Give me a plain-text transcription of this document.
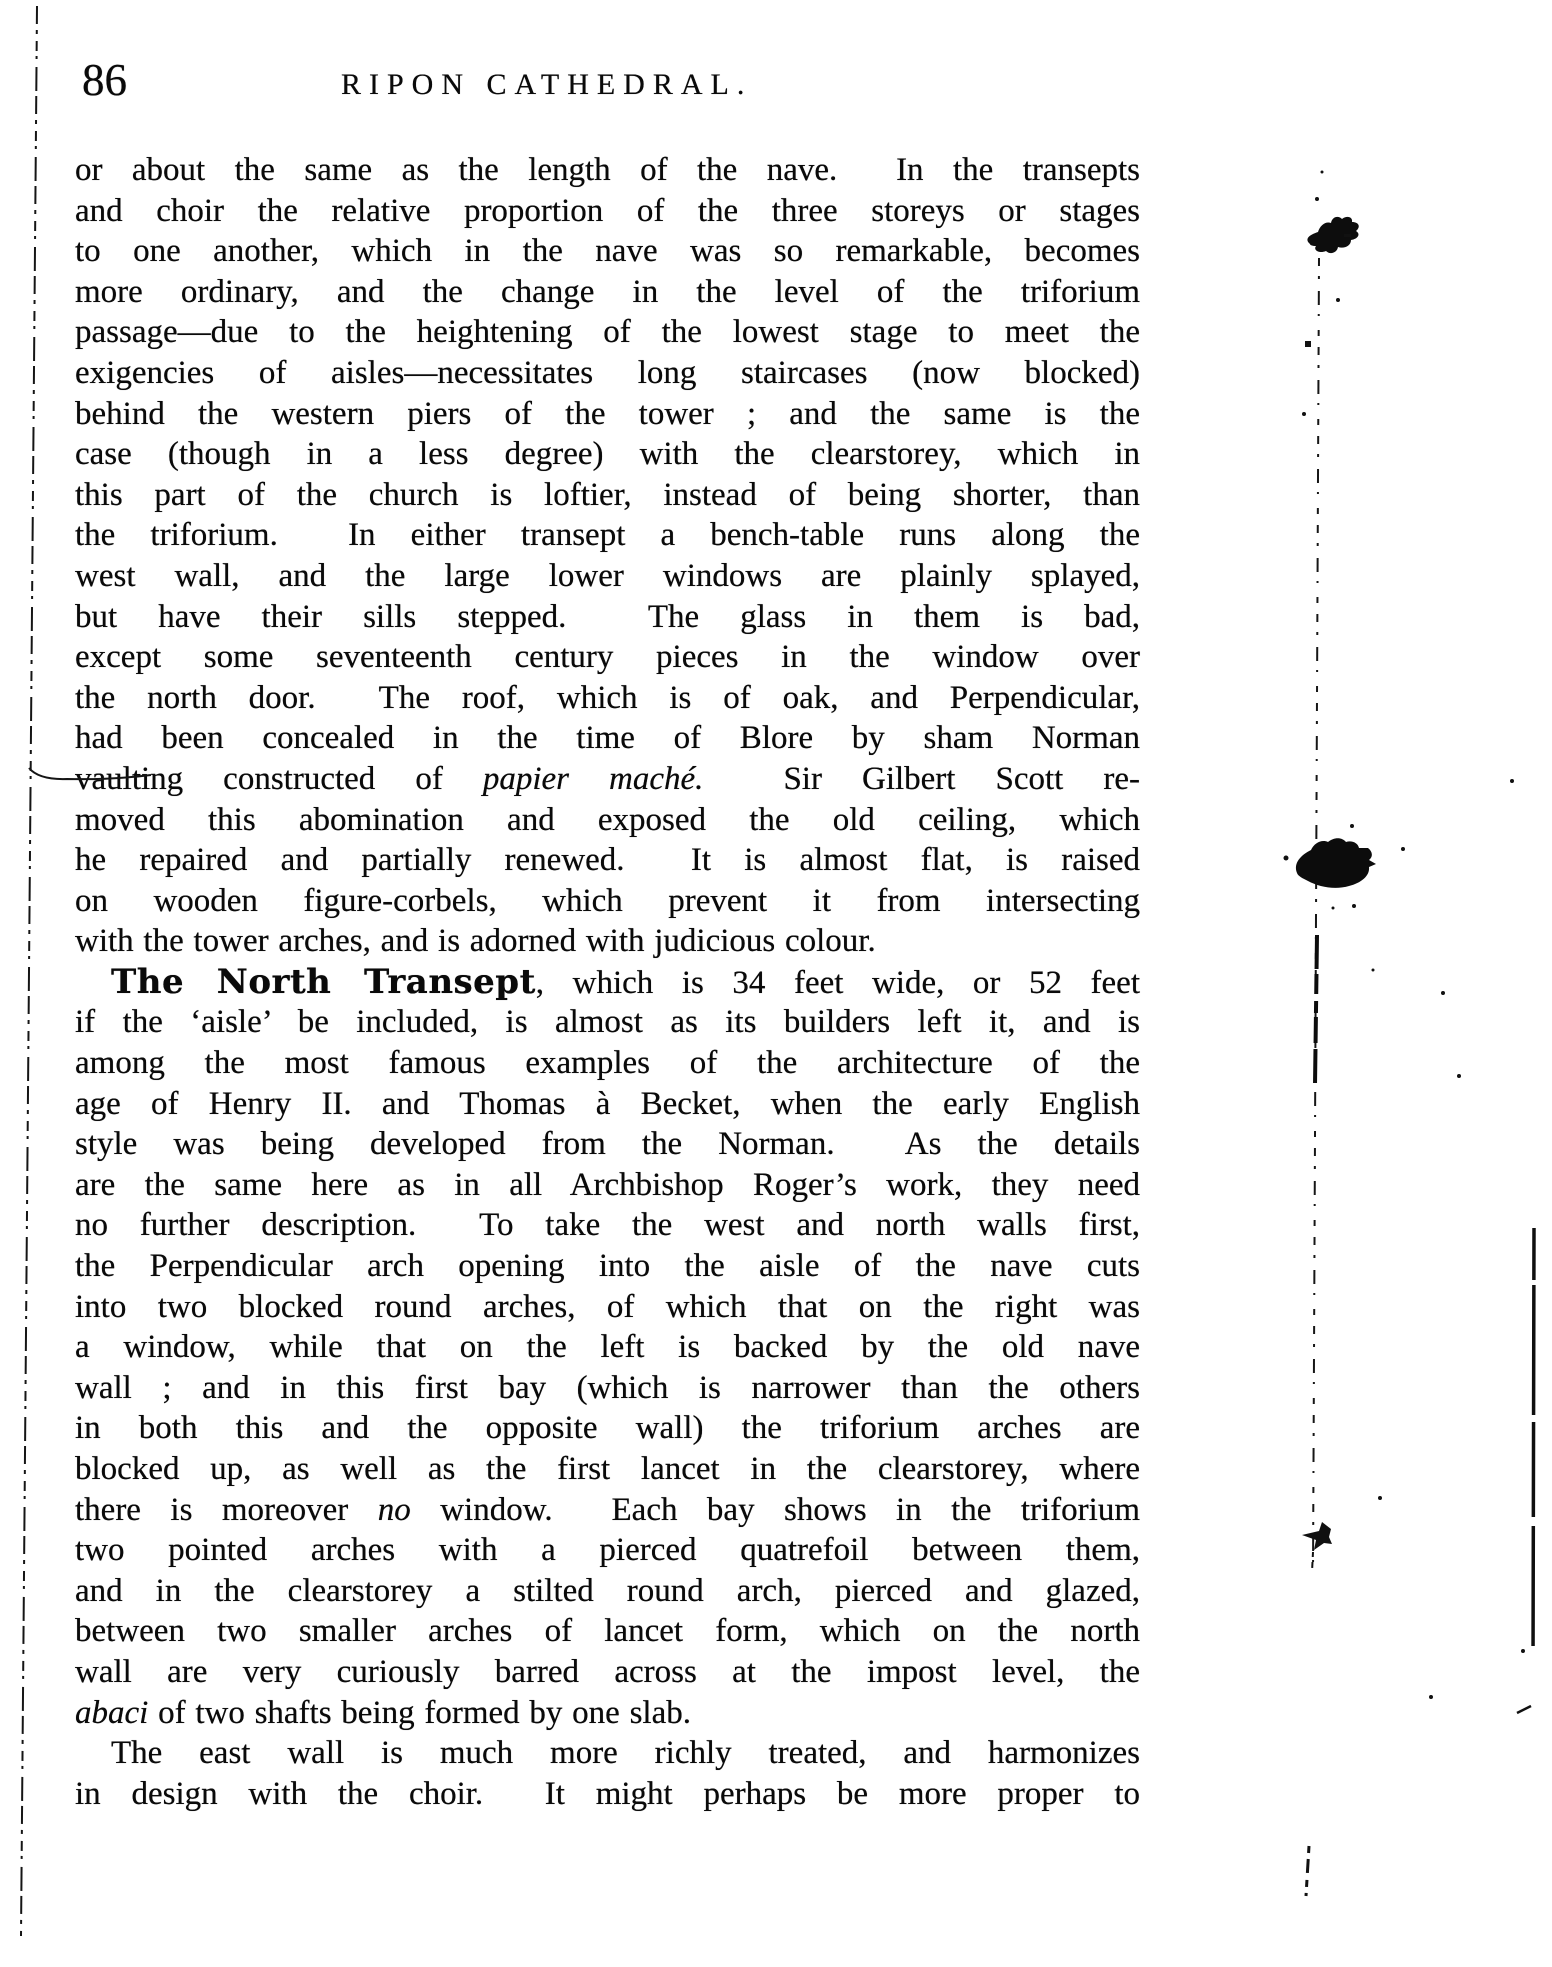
86	RIPON CATHEDRAL.
or about the same as the length of the nave.  In the transepts
and choir the relative proportion of the three storeys or stages
to one another, which in the nave was so remarkable, becomes
more ordinary, and the change in the level of the triforium
passage—due to the heightening of the lowest stage to meet the
exigencies of aisles—necessitates long staircases (now blocked)
behind the western piers of the tower ; and the same is the
case (though in a less degree) with the clearstorey, which in
this part of the church is loftier, instead of being shorter, than
the triforium.  In either transept a bench-table runs along the
west wall, and the large lower windows are plainly splayed,
but have their sills stepped.  The glass in them is bad,
except some seventeenth century pieces in the window over
the north door.  The roof, which is of oak, and Perpendicular,
had been concealed in the time of Blore by sham Norman
vaulting constructed of papier maché.  Sir Gilbert Scott re-
moved this abomination and exposed the old ceiling, which
he repaired and partially renewed.  It is almost flat, is raised
on wooden figure-corbels, which prevent it from intersecting
with the tower arches, and is adorned with judicious colour.
The North Transept, which is 34 feet wide, or 52 feet
if the ‘aisle’ be included, is almost as its builders left it, and is
among the most famous examples of the architecture of the
age of Henry II. and Thomas à Becket, when the early English
style was being developed from the Norman.  As the details
are the same here as in all Archbishop Roger’s work, they need
no further description.  To take the west and north walls first,
the Perpendicular arch opening into the aisle of the nave cuts
into two blocked round arches, of which that on the right was
a window, while that on the left is backed by the old nave
wall ; and in this first bay (which is narrower than the others
in both this and the opposite wall) the triforium arches are
blocked up, as well as the first lancet in the clearstorey, where
there is moreover no window.  Each bay shows in the triforium
two pointed arches with a pierced quatrefoil between them,
and in the clearstorey a stilted round arch, pierced and glazed,
between two smaller arches of lancet form, which on the north
wall are very curiously barred across at the impost level, the
abaci of two shafts being formed by one slab.
The east wall is much more richly treated, and harmonizes
in design with the choir.  It might perhaps be more proper to
